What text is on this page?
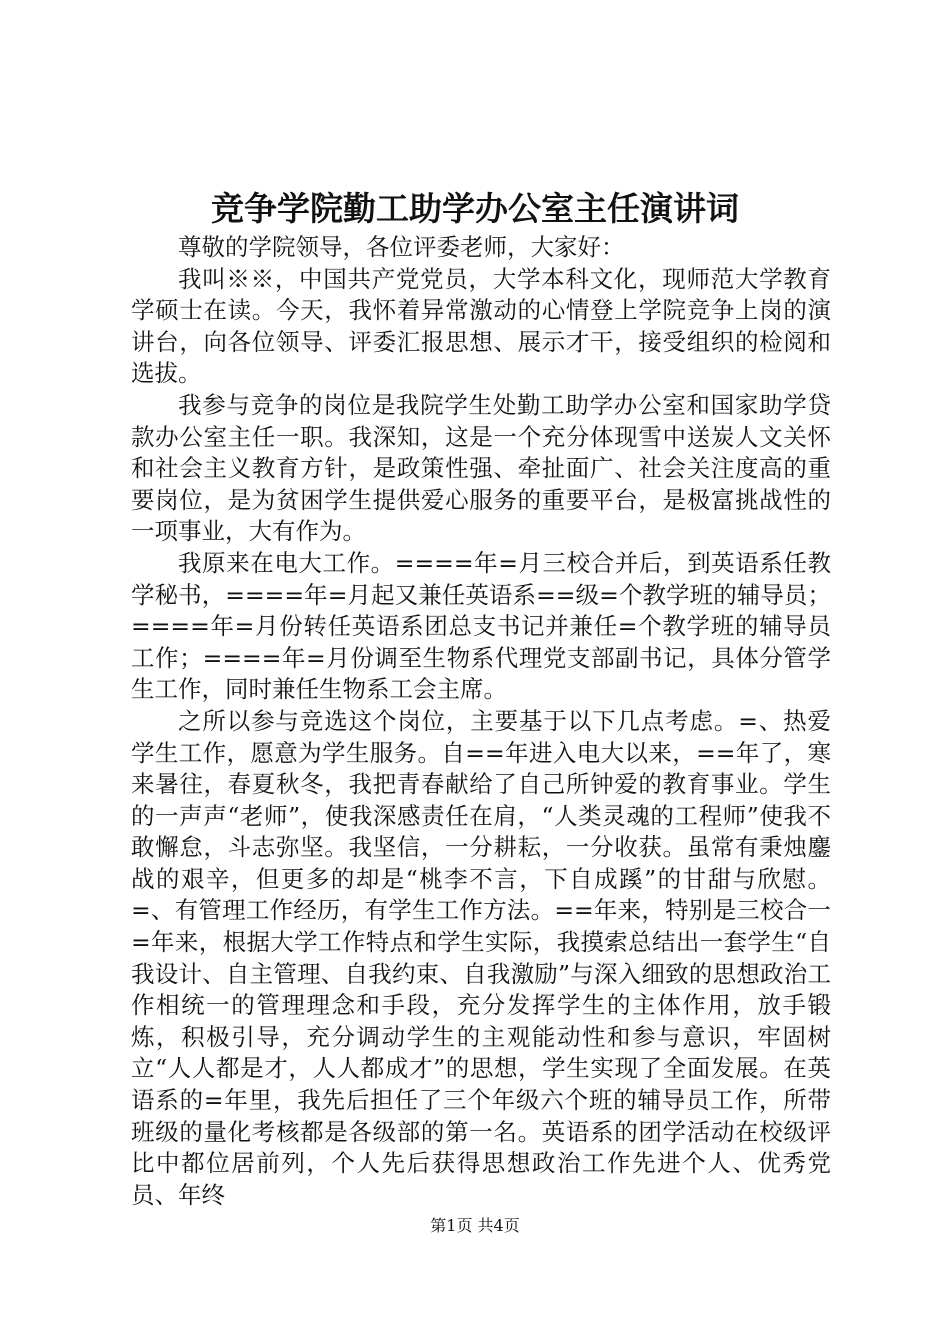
竞争学院勤工助学办公室主任演讲词

尊敬的学院领导，各位评委老师，大家好：

我叫※※，中国共产党党员，大学本科文化，现师范大学教育学硕士在读。今天，我怀着异常激动的心情登上学院竞争上岗的演讲台，向各位领导、评委汇报思想、展示才干，接受组织的检阅和选拔。

我参与竞争的岗位是我院学生处勤工助学办公室和国家助学贷款办公室主任一职。我深知，这是一个充分体现雪中送炭人文关怀和社会主义教育方针，是政策性强、牵扯面广、社会关注度高的重要岗位，是为贫困学生提供爱心服务的重要平台，是极富挑战性的一项事业，大有作为。

我原来在电大工作。====年=月三校合并后，到英语系任教学秘书，====年=月起又兼任英语系==级=个教学班的辅导员；====年=月份转任英语系团总支书记并兼任=个教学班的辅导员工作；====年=月份调至生物系代理党支部副书记，具体分管学生工作，同时兼任生物系工会主席。

之所以参与竞选这个岗位，主要基于以下几点考虑。=、热爱学生工作，愿意为学生服务。自==年进入电大以来，==年了，寒来暑往，春夏秋冬，我把青春献给了自己所钟爱的教育事业。学生的一声声“老师”，使我深感责任在肩，“人类灵魂的工程师”使我不敢懈怠，斗志弥坚。我坚信，一分耕耘，一分收获。虽常有秉烛鏖战的艰辛，但更多的却是“桃李不言，下自成蹊”的甘甜与欣慰。=、有管理工作经历，有学生工作方法。==年来，特别是三校合一=年来，根据大学工作特点和学生实际，我摸索总结出一套学生“自我设计、自主管理、自我约束、自我激励”与深入细致的思想政治工作相统一的管理理念和手段，充分发挥学生的主体作用，放手锻炼，积极引导，充分调动学生的主观能动性和参与意识，牢固树立“人人都是才，人人都成才”的思想，学生实现了全面发展。在英语系的=年里，我先后担任了三个年级六个班的辅导员工作，所带班级的量化考核都是各级部的第一名。英语系的团学活动在校级评比中都位居前列，个人先后获得思想政治工作先进个人、优秀党员、年终

第1页 共4页
